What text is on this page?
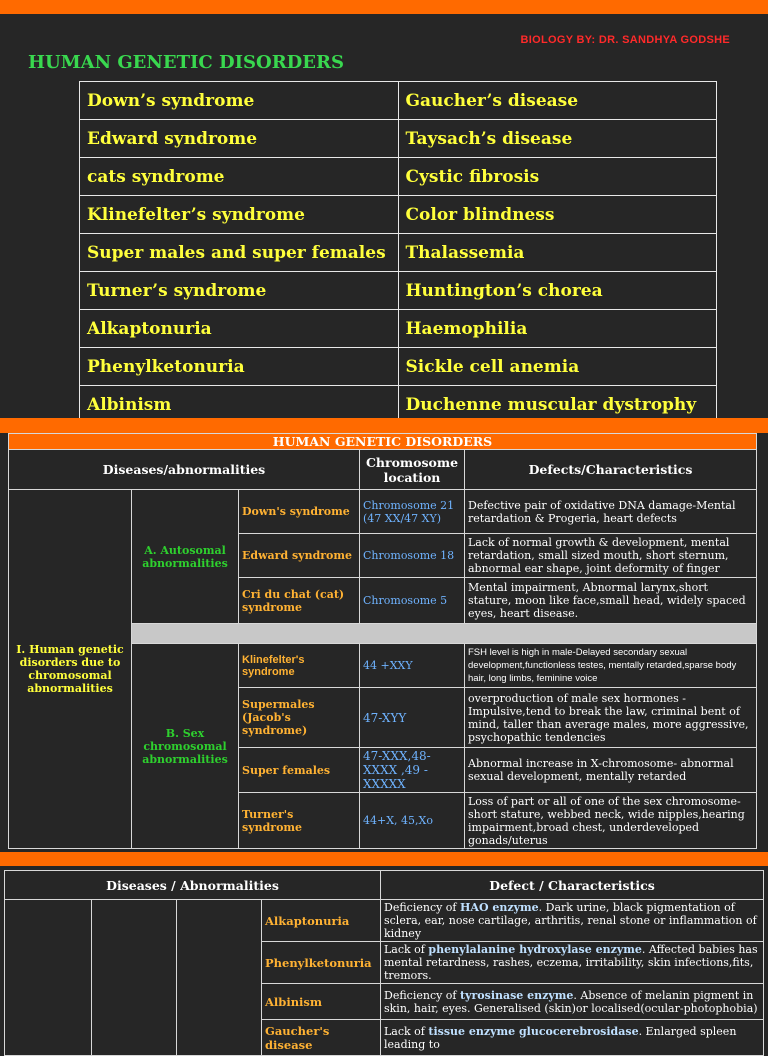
BIOLOGY BY: DR. SANDHYA GODSHE
HUMAN GENETIC DISORDERS
Down’s syndrome	Gaucher’s disease
Edward syndrome	Taysach’s disease
cats syndrome	Cystic fibrosis
Klinefelter’s syndrome	Color blindness
Super males and super females	Thalassemia
Turner’s syndrome	Huntington’s chorea
Alkaptonuria	Haemophilia
Phenylketonuria	Sickle cell anemia
Albinism	Duchenne muscular dystrophy
HUMAN GENETIC DISORDERS				
Diseases/abnormalities			Chromosome location	Defects/Characteristics
I. Human genetic disorders due to chromosomal abnormalities	A. Autosomal abnormalities	Down's syndrome	Chromosome 21 (47 XX/47 XY)	Defective pair of oxidative DNA damage-Mental retardation & Progeria, heart defects
		Edward syndrome	Chromosome 18	Lack of normal growth & development, mental retardation, small sized mouth, short sternum, abnormal ear shape, joint deformity of finger
		Cri du chat (cat) syndrome	Chromosome 5	Mental impairment, Abnormal larynx,short stature, moon like face,small head, widely spaced eyes, heart disease.

	B. Sex chromosomal abnormalities	Klinefelter's syndrome	44 +XXY	FSH level is high in male-Delayed secondary sexual development,functionless testes, mentally retarded,sparse body hair, long limbs, feminine voice
		Supermales (Jacob's syndrome)	47-XYY	overproduction of male sex hormones - Impulsive,tend to break the law, criminal bent of mind, taller than average males, more aggressive, psychopathic tendencies
		Super females	47-XXX,48-XXXX ,49 -XXXXX	Abnormal increase in X-chromosome- abnormal sexual development, mentally retarded
		Turner's syndrome	44+X, 45,Xo	Loss of part or all of one of the sex chromosome- short stature, webbed neck, wide nipples,hearing impairment,broad chest, underdeveloped gonads/uterus
Diseases / Abnormalities				Defect / Characteristics
			Alkaptonuria	Deficiency of HAO enzyme. Dark urine, black pigmentation of sclera, ear, nose cartilage, arthritis, renal stone or inflammation of kidney
			Phenylketonuria	Lack of phenylalanine hydroxylase enzyme. Affected babies has mental retardness, rashes, eczema, irritability, skin infections,fits, tremors.
			Albinism	Deficiency of tyrosinase enzyme. Absence of melanin pigment in skin, hair, eyes. Generalised (skin)or localised(ocular-photophobia)
			Gaucher's disease	Lack of tissue enzyme glucocerebrosidase. Enlarged spleen leading to
